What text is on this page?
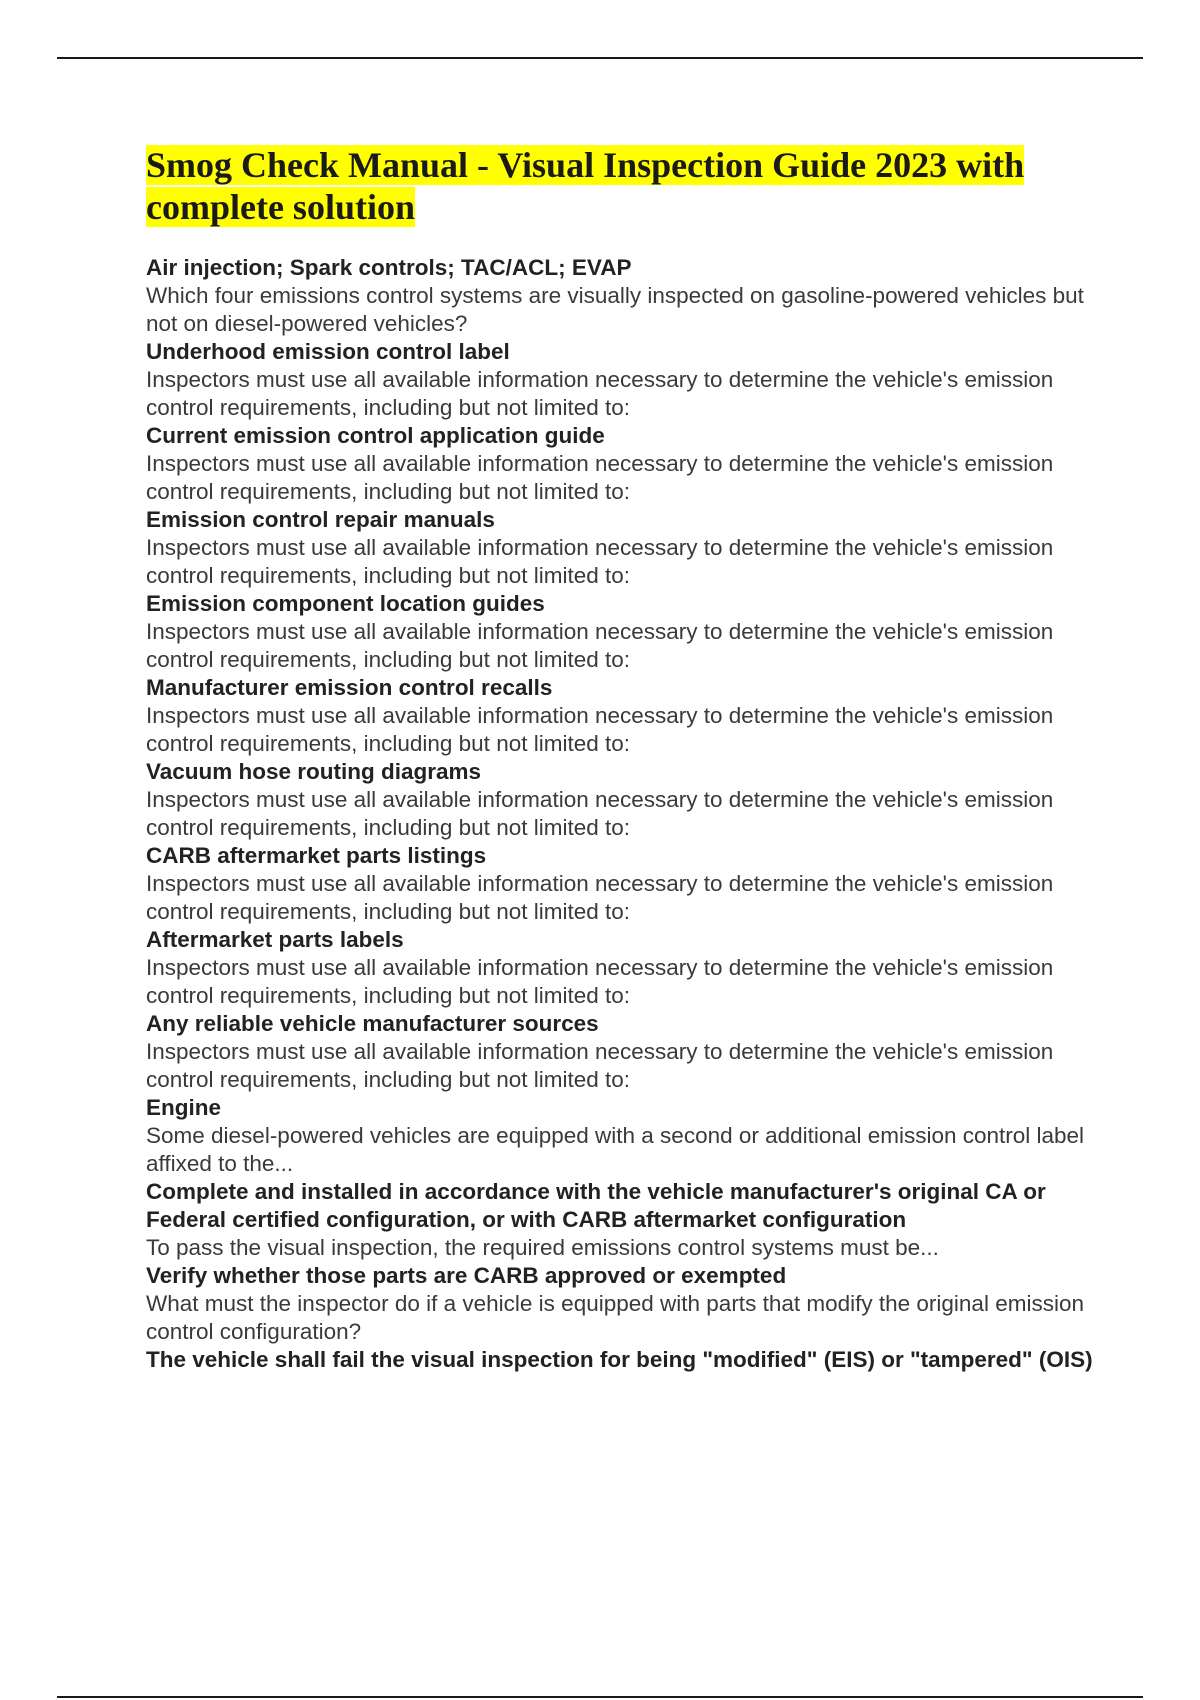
Smog Check Manual - Visual Inspection Guide 2023 with complete solution

Air injection; Spark controls; TAC/ACL; EVAP

Which four emissions control systems are visually inspected on gasoline-powered vehicles but not on diesel-powered vehicles?

Underhood emission control label

Inspectors must use all available information necessary to determine the vehicle's emission control requirements, including but not limited to:

Current emission control application guide

Inspectors must use all available information necessary to determine the vehicle's emission control requirements, including but not limited to:

Emission control repair manuals

Inspectors must use all available information necessary to determine the vehicle's emission control requirements, including but not limited to:

Emission component location guides

Inspectors must use all available information necessary to determine the vehicle's emission control requirements, including but not limited to:

Manufacturer emission control recalls

Inspectors must use all available information necessary to determine the vehicle's emission control requirements, including but not limited to:

Vacuum hose routing diagrams

Inspectors must use all available information necessary to determine the vehicle's emission control requirements, including but not limited to:

CARB aftermarket parts listings

Inspectors must use all available information necessary to determine the vehicle's emission control requirements, including but not limited to:

Aftermarket parts labels

Inspectors must use all available information necessary to determine the vehicle's emission control requirements, including but not limited to:

Any reliable vehicle manufacturer sources

Inspectors must use all available information necessary to determine the vehicle's emission control requirements, including but not limited to:

Engine

Some diesel-powered vehicles are equipped with a second or additional emission control label affixed to the...

Complete and installed in accordance with the vehicle manufacturer's original CA or Federal certified configuration, or with CARB aftermarket configuration

To pass the visual inspection, the required emissions control systems must be...

Verify whether those parts are CARB approved or exempted

What must the inspector do if a vehicle is equipped with parts that modify the original emission control configuration?

The vehicle shall fail the visual inspection for being "modified" (EIS) or "tampered" (OIS)
